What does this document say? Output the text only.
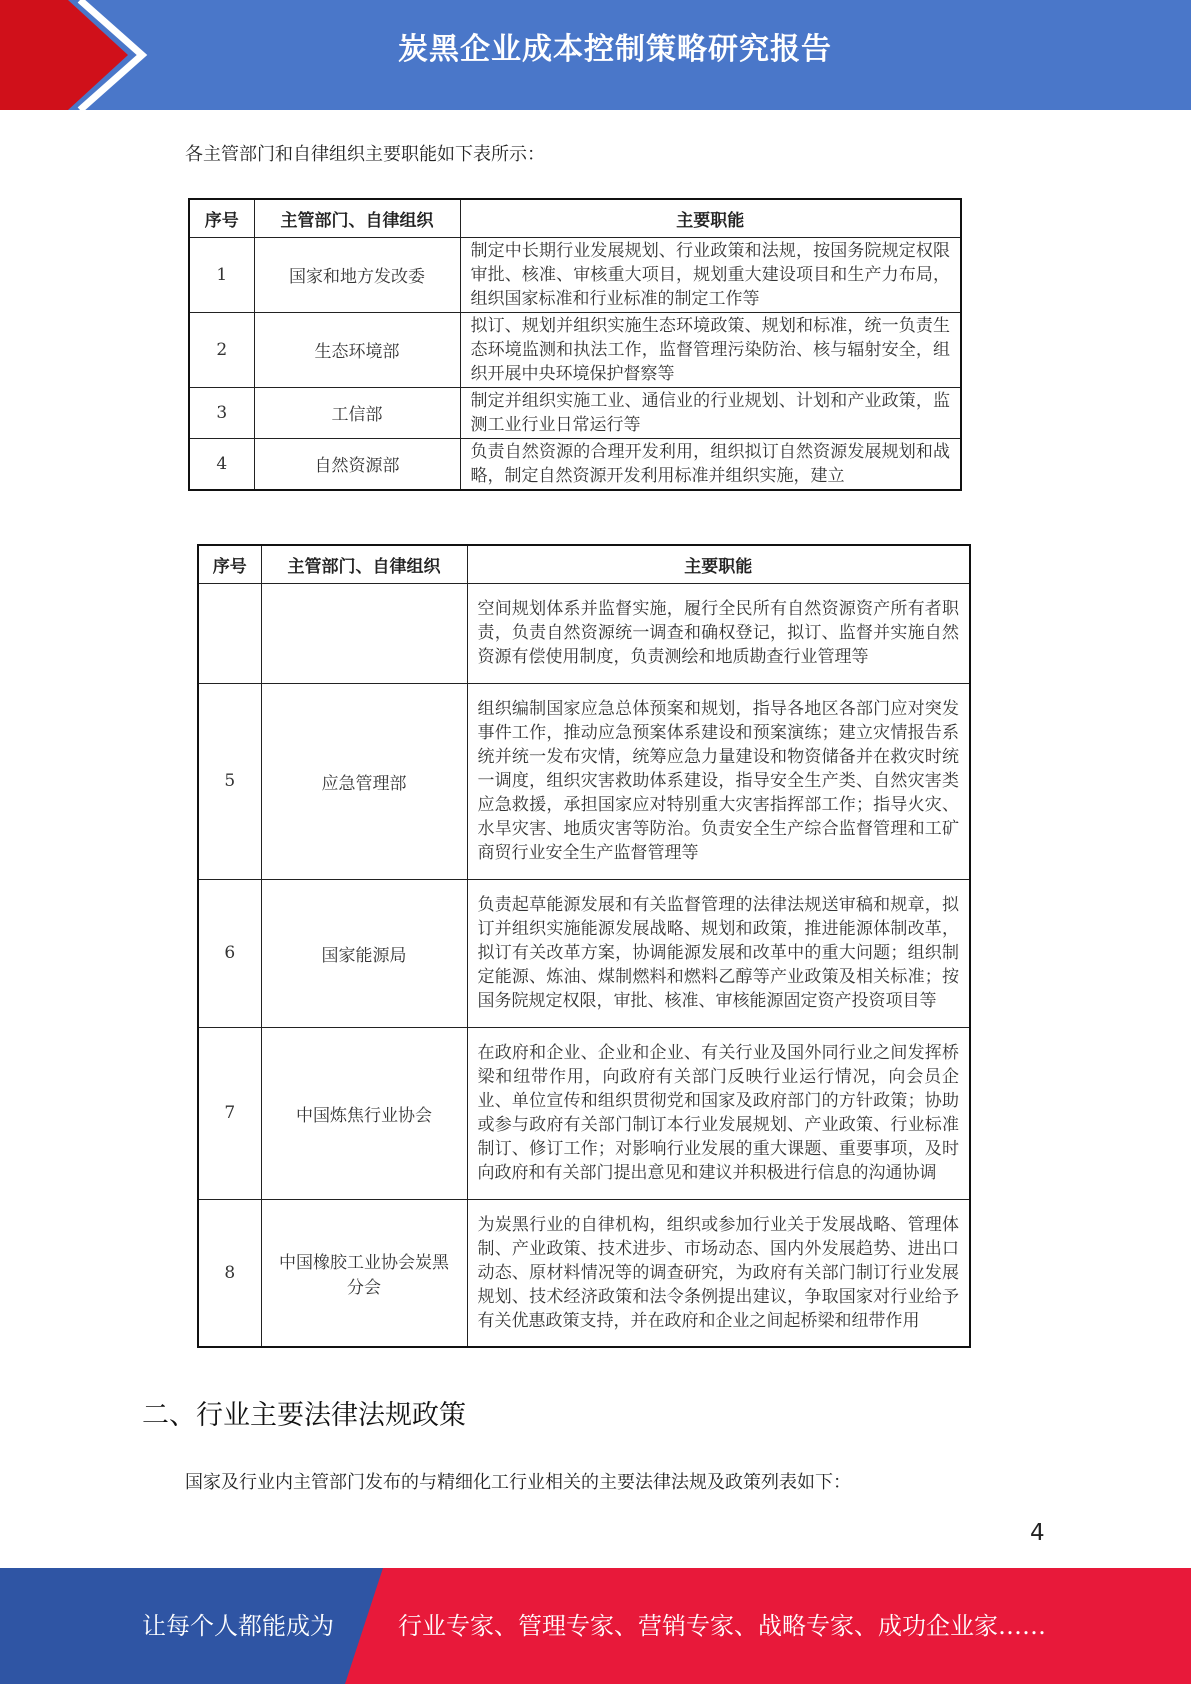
炭黑企业成本控制策略研究报告
各主管部门和自律组织主要职能如下表所示：
序号	主管部门、自律组织	主要职能
1	国家和地方发改委	制定中长期行业发展规划、行业政策和法规，按国务院规定权限审批、核准、审核重大项目，规划重大建设项目和生产力布局，组织国家标准和行业标准的制定工作等
2	生态环境部	拟订、规划并组织实施生态环境政策、规划和标准，统一负责生态环境监测和执法工作，监督管理污染防治、核与辐射安全，组织开展中央环境保护督察等
3	工信部	制定并组织实施工业、通信业的行业规划、计划和产业政策，监测工业行业日常运行等
4	自然资源部	负责自然资源的合理开发利用，组织拟订自然资源发展规划和战略，制定自然资源开发利用标准并组织实施，建立
序号	主管部门、自律组织	主要职能
		空间规划体系并监督实施，履行全民所有自然资源资产所有者职责，负责自然资源统一调查和确权登记，拟订、监督并实施自然资源有偿使用制度，负责测绘和地质勘查行业管理等
5	应急管理部	组织编制国家应急总体预案和规划，指导各地区各部门应对突发事件工作，推动应急预案体系建设和预案演练；建立灾情报告系统并统一发布灾情，统筹应急力量建设和物资储备并在救灾时统一调度，组织灾害救助体系建设，指导安全生产类、自然灾害类应急救援，承担国家应对特别重大灾害指挥部工作；指导火灾、水旱灾害、地质灾害等防治。负责安全生产综合监督管理和工矿商贸行业安全生产监督管理等
6	国家能源局	负责起草能源发展和有关监督管理的法律法规送审稿和规章，拟订并组织实施能源发展战略、规划和政策，推进能源体制改革，拟订有关改革方案，协调能源发展和改革中的重大问题；组织制定能源、炼油、煤制燃料和燃料乙醇等产业政策及相关标准；按国务院规定权限，审批、核准、审核能源固定资产投资项目等
7	中国炼焦行业协会	在政府和企业、企业和企业、有关行业及国外同行业之间发挥桥梁和纽带作用，向政府有关部门反映行业运行情况，向会员企业、单位宣传和组织贯彻党和国家及政府部门的方针政策；协助或参与政府有关部门制订本行业发展规划、产业政策、行业标准制订、修订工作；对影响行业发展的重大课题、重要事项，及时向政府和有关部门提出意见和建议并积极进行信息的沟通协调
8	中国橡胶工业协会炭黑分会	为炭黑行业的自律机构，组织或参加行业关于发展战略、管理体制、产业政策、技术进步、市场动态、国内外发展趋势、进出口动态、原材料情况等的调查研究，为政府有关部门制订行业发展规划、技术经济政策和法令条例提出建议，争取国家对行业给予有关优惠政策支持，并在政府和企业之间起桥梁和纽带作用
二、行业主要法律法规政策
国家及行业内主管部门发布的与精细化工行业相关的主要法律法规及政策列表如下：
4
让每个人都能成为	行业专家、管理专家、营销专家、战略专家、成功企业家……
